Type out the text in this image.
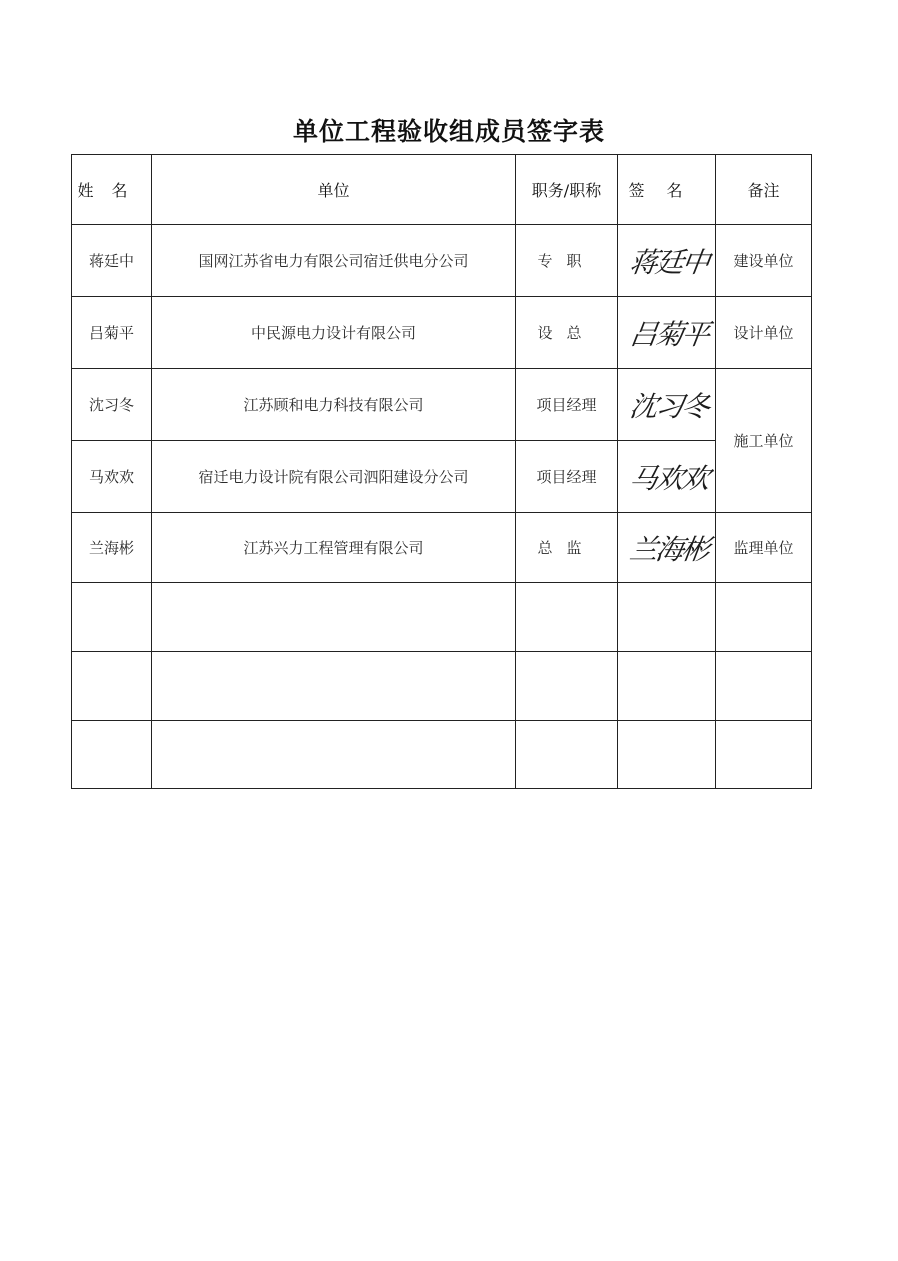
单位工程验收组成员签字表
姓名	单位	职务/职称	签名	备注
蒋廷中	国网江苏省电力有限公司宿迁供电分公司	专职	蒋廷中	建设单位
吕菊平	中民源电力设计有限公司	设总	吕菊平	设计单位
沈习冬	江苏顾和电力科技有限公司	项目经理	沈习冬	施工单位
马欢欢	宿迁电力设计院有限公司泗阳建设分公司	项目经理	马欢欢	
兰海彬	江苏兴力工程管理有限公司	总监	兰海彬	监理单位
